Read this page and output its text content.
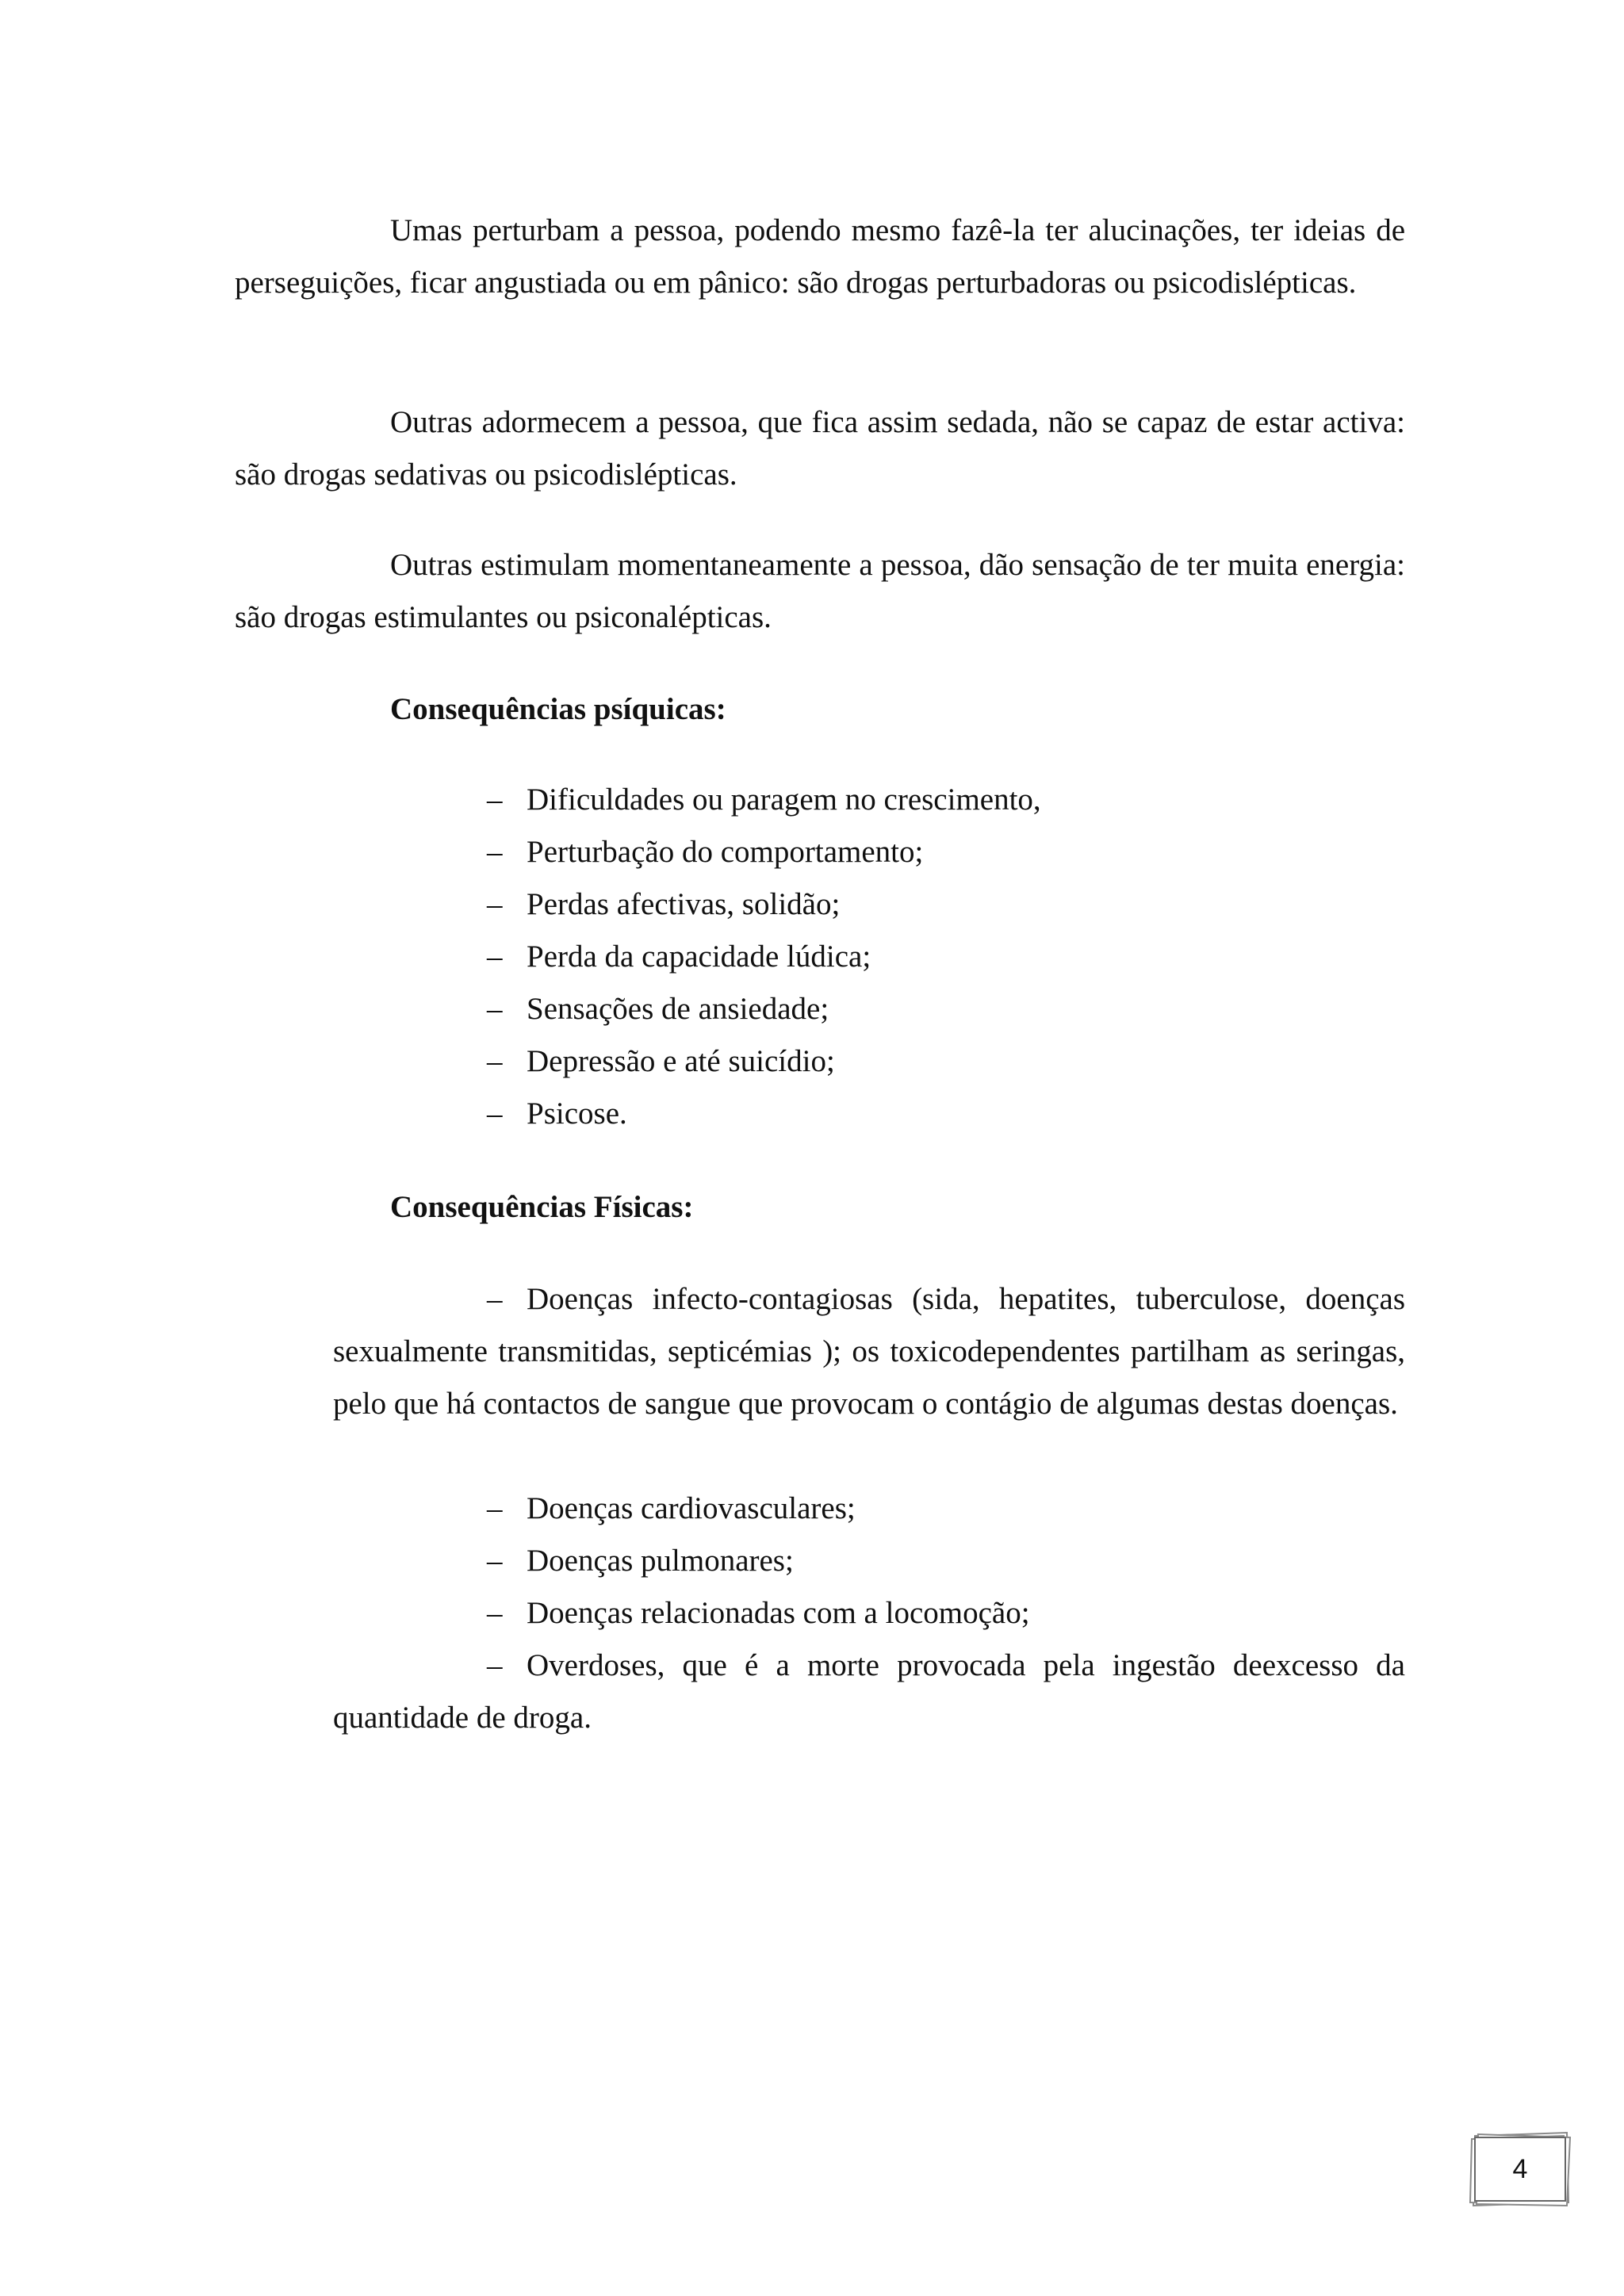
Umas perturbam a pessoa, podendo mesmo fazê-la ter alucinações, ter ideias de perseguições, ficar angustiada ou em pânico: são drogas perturbadoras ou psicodislépticas.

Outras adormecem a pessoa, que fica assim sedada, não se capaz de estar activa: são drogas sedativas ou psicodislépticas.

Outras estimulam momentaneamente a pessoa, dão sensação de ter muita energia: são drogas estimulantes ou psiconalépticas.

Consequências psíquicas:
– Dificuldades ou paragem no crescimento,
– Perturbação do comportamento;
– Perdas afectivas, solidão;
– Perda da capacidade lúdica;
– Sensações de ansiedade;
– Depressão e até suicídio;
– Psicose.
Consequências Físicas:

– Doenças infecto-contagiosas (sida, hepatites, tuberculose, doenças sexualmente transmitidas, septicémias ); os toxicodependentes partilham as seringas, pelo que há contactos de sangue que provocam o contágio de algumas destas doenças.

– Doenças cardiovasculares;
– Doenças pulmonares;
– Doenças relacionadas com a locomoção;

– Overdoses, que é a morte provocada pela ingestão deexcesso da quantidade de droga.

4
